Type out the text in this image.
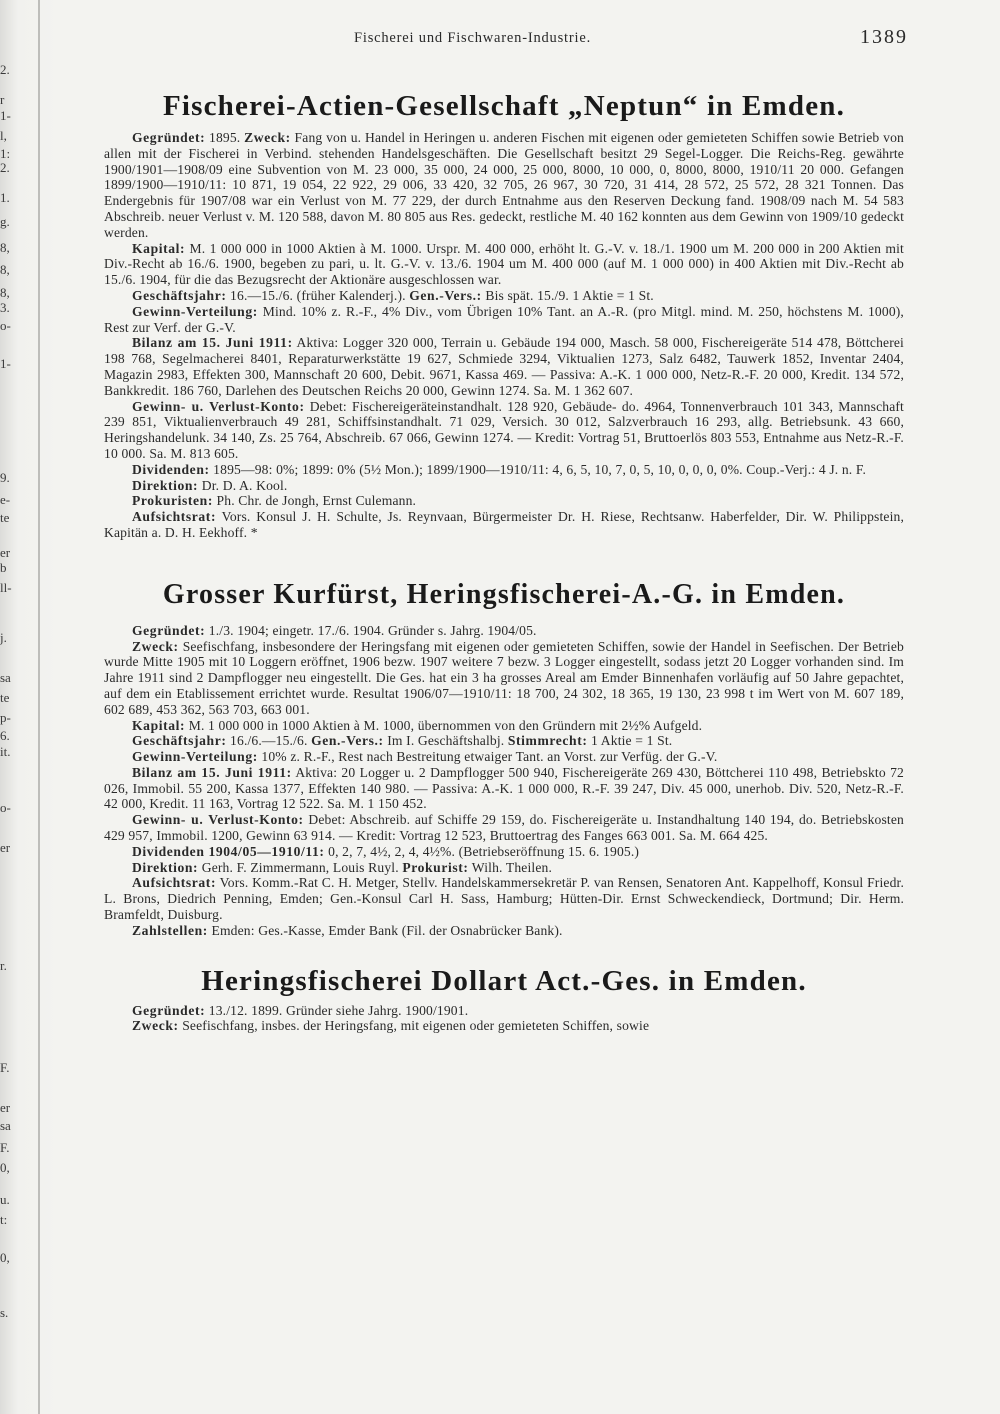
2.
r
1-
l,
1:
2.
1.
g.
8,
8,
8,
3.
o-
1-
9.
e-
te
er
b
ll-
j.
sa
te
p-
6.
it.
o-
er
r.
F.
er
sa
F.
0,
u.
t:
0,
s.
Fischerei und Fischwaren-Industrie.	1389
Fischerei-Actien-Gesellschaft „Neptun“ in Emden.

Gegründet: 1895. Zweck: Fang von u. Handel in Heringen u. anderen Fischen mit eigenen oder gemieteten Schiffen sowie Betrieb von allen mit der Fischerei in Verbind. stehenden Handelsgeschäften. Die Gesellschaft besitzt 29 Segel-Logger. Die Reichs-Reg. gewährte 1900/1901—1908/09 eine Subvention von M. 23 000, 35 000, 24 000, 25 000, 8000, 10 000, 0, 8000, 8000, 1910/11 20 000. Gefangen 1899/1900—1910/11: 10 871, 19 054, 22 922, 29 006, 33 420, 32 705, 26 967, 30 720, 31 414, 28 572, 25 572, 28 321 Tonnen. Das Endergebnis für 1907/08 war ein Verlust von M. 77 229, der durch Entnahme aus den Reserven Deckung fand. 1908/09 nach M. 54 583 Abschreib. neuer Verlust v. M. 120 588, davon M. 80 805 aus Res. gedeckt, restliche M. 40 162 konnten aus dem Gewinn von 1909/10 gedeckt werden.

Kapital: M. 1 000 000 in 1000 Aktien à M. 1000. Urspr. M. 400 000, erhöht lt. G.-V. v. 18./1. 1900 um M. 200 000 in 200 Aktien mit Div.-Recht ab 16./6. 1900, begeben zu pari, u. lt. G.-V. v. 13./6. 1904 um M. 400 000 (auf M. 1 000 000) in 400 Aktien mit Div.-Recht ab 15./6. 1904, für die das Bezugsrecht der Aktionäre ausgeschlossen war.

Geschäftsjahr: 16.—15./6. (früher Kalenderj.). Gen.-Vers.: Bis spät. 15./9. 1 Aktie = 1 St.

Gewinn-Verteilung: Mind. 10% z. R.-F., 4% Div., vom Übrigen 10% Tant. an A.-R. (pro Mitgl. mind. M. 250, höchstens M. 1000), Rest zur Verf. der G.-V.

Bilanz am 15. Juni 1911: Aktiva: Logger 320 000, Terrain u. Gebäude 194 000, Masch. 58 000, Fischereigeräte 514 478, Böttcherei 198 768, Segelmacherei 8401, Reparaturwerkstätte 19 627, Schmiede 3294, Viktualien 1273, Salz 6482, Tauwerk 1852, Inventar 2404, Magazin 2983, Effekten 300, Mannschaft 20 600, Debit. 9671, Kassa 469. — Passiva: A.-K. 1 000 000, Netz-R.-F. 20 000, Kredit. 134 572, Bankkredit. 186 760, Darlehen des Deutschen Reichs 20 000, Gewinn 1274. Sa. M. 1 362 607.

Gewinn- u. Verlust-Konto: Debet: Fischereigeräteinstandhalt. 128 920, Gebäude- do. 4964, Tonnenverbrauch 101 343, Mannschaft 239 851, Viktualienverbrauch 49 281, Schiffsinstandhalt. 71 029, Versich. 30 012, Salzverbrauch 16 293, allg. Betriebsunk. 43 660, Heringshandelunk. 34 140, Zs. 25 764, Abschreib. 67 066, Gewinn 1274. — Kredit: Vortrag 51, Bruttoerlös 803 553, Entnahme aus Netz-R.-F. 10 000. Sa. M. 813 605.

Dividenden: 1895—98: 0%; 1899: 0% (5½ Mon.); 1899/1900—1910/11: 4, 6, 5, 10, 7, 0, 5, 10, 0, 0, 0, 0%. Coup.-Verj.: 4 J. n. F.

Direktion: Dr. D. A. Kool.

Prokuristen: Ph. Chr. de Jongh, Ernst Culemann.

Aufsichtsrat: Vors. Konsul J. H. Schulte, Js. Reynvaan, Bürgermeister Dr. H. Riese, Rechtsanw. Haberfelder, Dir. W. Philippstein, Kapitän a. D. H. Eekhoff. *

Grosser Kurfürst, Heringsfischerei-A.-G. in Emden.

Gegründet: 1./3. 1904; eingetr. 17./6. 1904. Gründer s. Jahrg. 1904/05.

Zweck: Seefischfang, insbesondere der Heringsfang mit eigenen oder gemieteten Schiffen, sowie der Handel in Seefischen. Der Betrieb wurde Mitte 1905 mit 10 Loggern eröffnet, 1906 bezw. 1907 weitere 7 bezw. 3 Logger eingestellt, sodass jetzt 20 Logger vorhanden sind. Im Jahre 1911 sind 2 Dampflogger neu eingestellt. Die Ges. hat ein 3 ha grosses Areal am Emder Binnenhafen vorläufig auf 50 Jahre gepachtet, auf dem ein Etablissement errichtet wurde. Resultat 1906/07—1910/11: 18 700, 24 302, 18 365, 19 130, 23 998 t im Wert von M. 607 189, 602 689, 453 362, 563 703, 663 001.

Kapital: M. 1 000 000 in 1000 Aktien à M. 1000, übernommen von den Gründern mit 2½% Aufgeld.

Geschäftsjahr: 16./6.—15./6. Gen.-Vers.: Im I. Geschäftshalbj. Stimmrecht: 1 Aktie = 1 St.

Gewinn-Verteilung: 10% z. R.-F., Rest nach Bestreitung etwaiger Tant. an Vorst. zur Verfüg. der G.-V.

Bilanz am 15. Juni 1911: Aktiva: 20 Logger u. 2 Dampflogger 500 940, Fischereigeräte 269 430, Böttcherei 110 498, Betriebskto 72 026, Immobil. 55 200, Kassa 1377, Effekten 140 980. — Passiva: A.-K. 1 000 000, R.-F. 39 247, Div. 45 000, unerhob. Div. 520, Netz-R.-F. 42 000, Kredit. 11 163, Vortrag 12 522. Sa. M. 1 150 452.

Gewinn- u. Verlust-Konto: Debet: Abschreib. auf Schiffe 29 159, do. Fischereigeräte u. Instandhaltung 140 194, do. Betriebskosten 429 957, Immobil. 1200, Gewinn 63 914. — Kredit: Vortrag 12 523, Bruttoertrag des Fanges 663 001. Sa. M. 664 425.

Dividenden 1904/05—1910/11: 0, 2, 7, 4½, 2, 4, 4½%. (Betriebseröffnung 15. 6. 1905.)

Direktion: Gerh. F. Zimmermann, Louis Ruyl. Prokurist: Wilh. Theilen.

Aufsichtsrat: Vors. Komm.-Rat C. H. Metger, Stellv. Handelskammersekretär P. van Rensen, Senatoren Ant. Kappelhoff, Konsul Friedr. L. Brons, Diedrich Penning, Emden; Gen.-Konsul Carl H. Sass, Hamburg; Hütten-Dir. Ernst Schweckendieck, Dortmund; Dir. Herm. Bramfeldt, Duisburg.

Zahlstellen: Emden: Ges.-Kasse, Emder Bank (Fil. der Osnabrücker Bank).

Heringsfischerei Dollart Act.-Ges. in Emden.

Gegründet: 13./12. 1899. Gründer siehe Jahrg. 1900/1901.

Zweck: Seefischfang, insbes. der Heringsfang, mit eigenen oder gemieteten Schiffen, sowie
